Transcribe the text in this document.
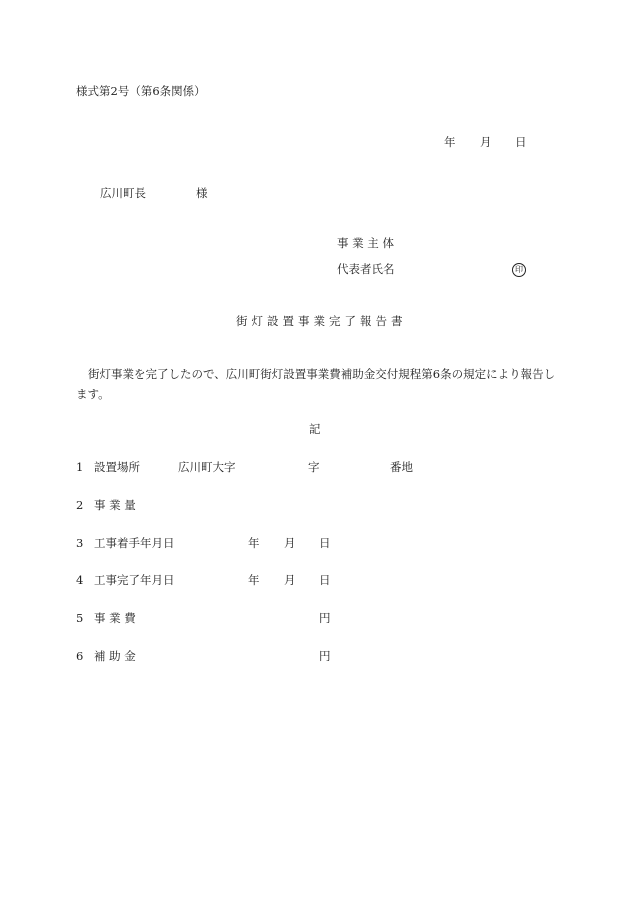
様式第2号（第6条関係）
年 月 日
広川町長	様
事 業 主 体
代表者氏名	印
街灯設置事業完了報告書
街灯事業を完了したので、広川町街灯設置事業費補助金交付規程第6条の規定により報告します。
記
1 設置場所	広川町大字	字	番地
2 事 業 量
3 工事着手年月日	年 月 日
4 工事完了年月日	年 月 日
5 事 業 費	円
6 補 助 金	円
